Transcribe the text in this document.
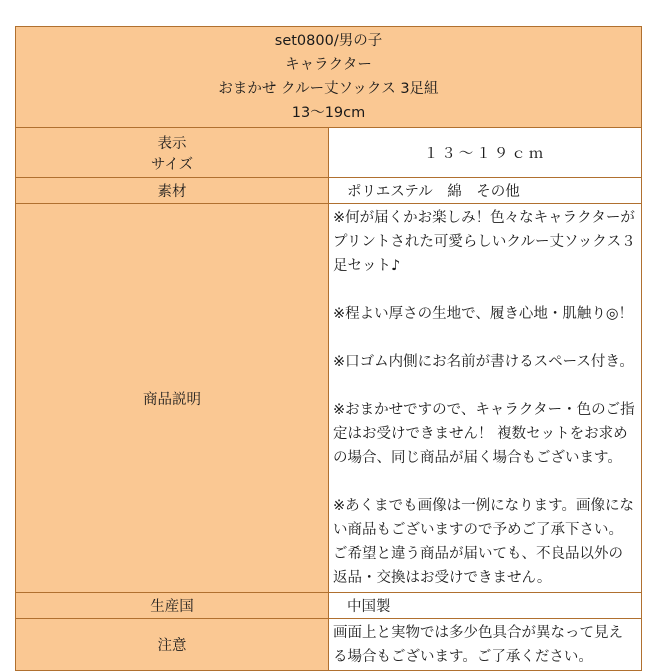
set0800/男の子
キャラクター
おまかせ クルー丈ソックス 3足組
13～19cm	

表示
サイズ	１３～１９ｃｍ
素材	ポリエステル　綿　その他
商品説明	※何が届くかお楽しみ！色々なキャラクターがプリントされた可愛らしいクルー丈ソックス３足セット♪

※程よい厚さの生地で、履き心地・肌触り◎！

※口ゴム内側にお名前が書けるスペース付き。

※おまかせですので、キャラクター・色のご指定はお受けできません！ 複数セットをお求めの場合、同じ商品が届く場合もございます。

※あくまでも画像は一例になります。画像にない商品もございますので予めご了承下さい。 ご希望と違う商品が届いても、不良品以外の返品・交換はお受けできません。

生産国	中国製
注意	画面上と実物では多少色具合が異なって見える場合もございます。ご了承ください。
